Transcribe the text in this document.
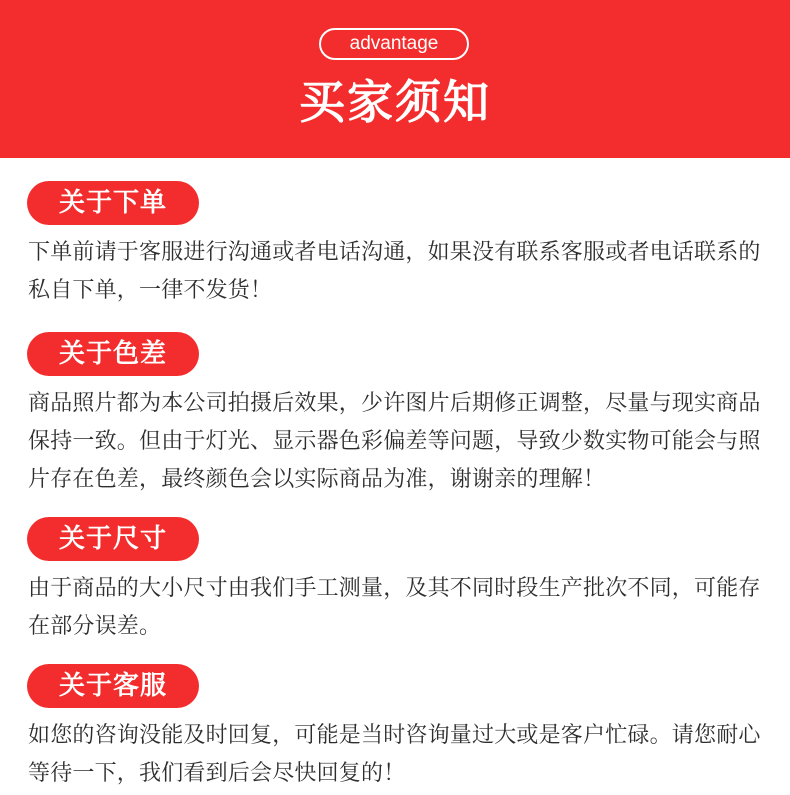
advantage
买家须知
关于下单

下单前请于客服进行沟通或者电话沟通，如果没有联系客服或者电话联系的私自下单，一律不发货！

关于色差

商品照片都为本公司拍摄后效果，少许图片后期修正调整，尽量与现实商品保持一致。但由于灯光、显示器色彩偏差等问题，导致少数实物可能会与照片存在色差，最终颜色会以实际商品为准，谢谢亲的理解！

关于尺寸

由于商品的大小尺寸由我们手工测量，及其不同时段生产批次不同，可能存在部分误差。

关于客服

如您的咨询没能及时回复，可能是当时咨询量过大或是客户忙碌。请您耐心等待一下，我们看到后会尽快回复的！
